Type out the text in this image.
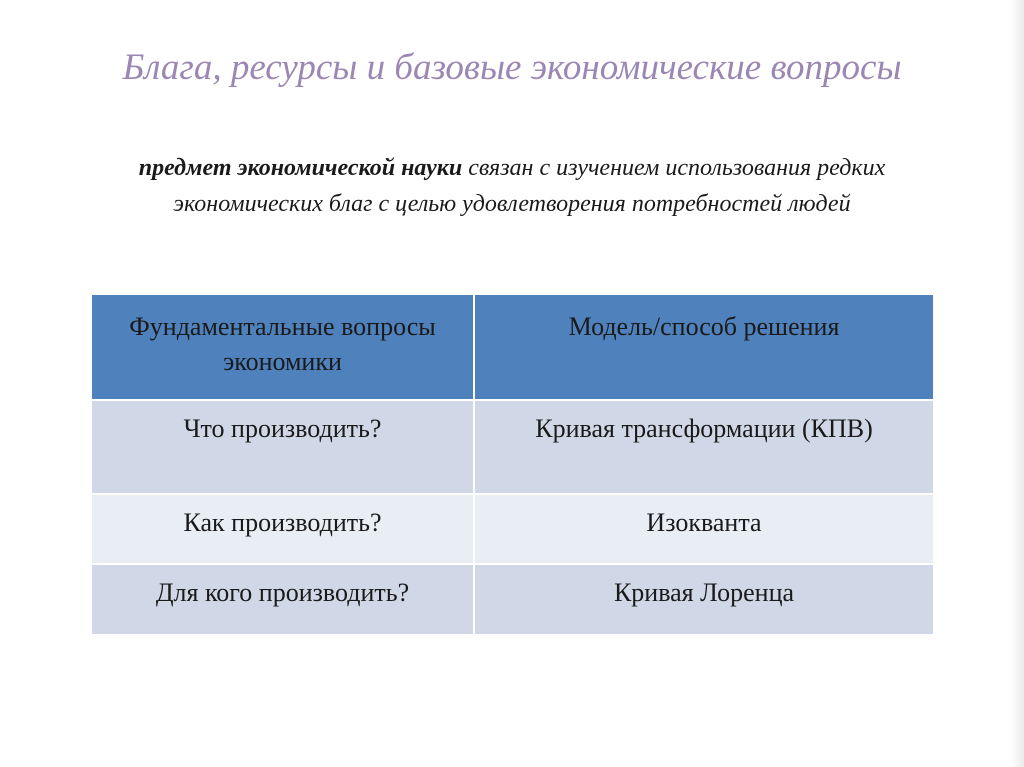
Блага, ресурсы и базовые экономические вопросы
предмет экономической науки связан с изучением использования редких экономических благ с целью удовлетворения потребностей людей
Фундаментальные вопросы экономики	Модель/способ решения
Что производить?	Кривая трансформации (КПВ)
Как производить?	Изокванта
Для кого производить?	Кривая Лоренца
